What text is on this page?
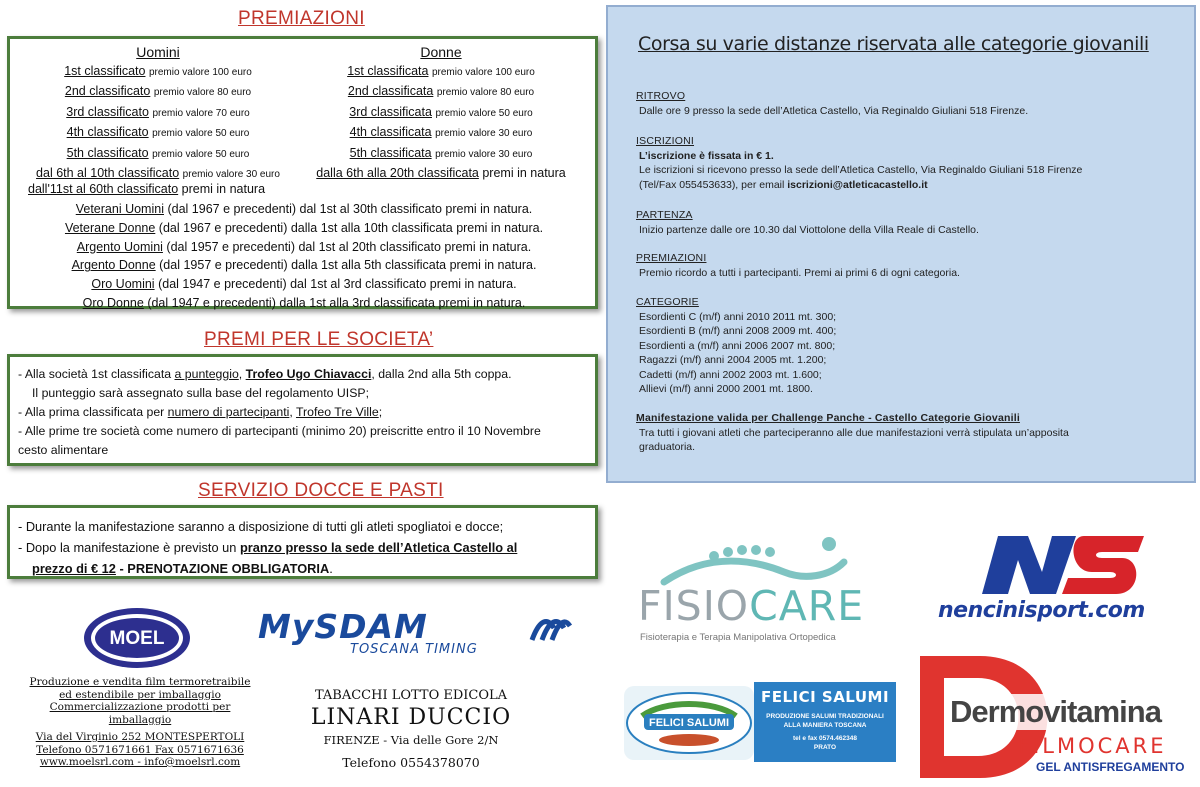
PREMIAZIONI
Uomini
1st classificato premio valore 100 euro
2nd classificato premio valore 80 euro
3rd classificato premio valore 70 euro
4th classificato premio valore 50 euro
5th classificato premio valore 50 euro
dal 6th al 10th classificato premio valore 30 euro
dall'11st al 60th classificato premi in natura
Donne
1st classificata premio valore 100 euro
2nd classificata premio valore 80 euro
3rd classificata premio valore 50 euro
4th classificata premio valore 30 euro
5th classificata premio valore 30 euro
dalla 6th alla 20th classificata premi in natura
Veterani Uomini (dal 1967 e precedenti) dal 1st al 30th classificato premi in natura.
Veterane Donne (dal 1967 e precedenti) dalla 1st alla 10th classificata premi in natura.
Argento Uomini (dal 1957 e precedenti) dal 1st al 20th classificato premi in natura.
Argento Donne (dal 1957 e precedenti) dalla 1st alla 5th classificata premi in natura.
Oro Uomini (dal 1947 e precedenti) dal 1st al 3rd classificato premi in natura.
Oro Donne (dal 1947 e precedenti) dalla 1st alla 3rd classificata premi in natura.
PREMI PER LE SOCIETA’
- Alla società 1st classificata a punteggio, Trofeo Ugo Chiavacci, dalla 2nd alla 5th coppa.
Il punteggio sarà assegnato sulla base del regolamento UISP;
- Alla prima classificata per numero di partecipanti, Trofeo Tre Ville;
- Alle prime tre società come numero di partecipanti (minimo 20) preiscritte entro il 10 Novembre
cesto alimentare
SERVIZIO DOCCE E PASTI
- Durante la manifestazione saranno a disposizione di tutti gli atleti spogliatoi e docce;
- Dopo la manifestazione è previsto un pranzo presso la sede dell’Atletica Castello al
prezzo di € 12 - PRENOTAZIONE OBBLIGATORIA.
Corsa su varie distanze riservata alle categorie giovanili
RITROVO
Dalle ore 9 presso la sede dell’Atletica Castello, Via Reginaldo Giuliani 518 Firenze.
ISCRIZIONI
L’iscrizione è fissata in € 1.
Le iscrizioni si ricevono presso la sede dell’Atletica Castello, Via Reginaldo Giuliani 518 Firenze
(Tel/Fax 055453633), per email iscrizioni@atleticacastello.it
PARTENZA
Inizio partenze dalle ore 10.30 dal Viottolone della Villa Reale di Castello.
PREMIAZIONI
Premio ricordo a tutti i partecipanti. Premi ai primi 6 di ogni categoria.
CATEGORIE
Esordienti C (m/f) anni 2010 2011 mt. 300;
Esordienti B (m/f) anni 2008 2009 mt. 400;
Esordienti a (m/f) anni 2006 2007 mt. 800;
Ragazzi (m/f) anni 2004 2005 mt. 1.200;
Cadetti (m/f) anni 2002 2003 mt. 1.600;
Allievi (m/f) anni 2000 2001 mt. 1800.
Manifestazione valida per Challenge Panche - Castello Categorie Giovanili
Tra tutti i giovani atleti che parteciperanno alle due manifestazioni verrà stipulata un’apposita
graduatoria.
MOEL
Produzione e vendita film termoretraibile
ed estendibile per imballaggio
Commercializzazione prodotti per imballaggio
Via del Virginio 252 MONTESPERTOLI
Telefono 0571671661 Fax 0571671636
www.moelsrl.com - info@moelsrl.com
MySDAM
TOSCANA TIMING
TABACCHI LOTTO EDICOLA
LINARI DUCCIO
FIRENZE - Via delle Gore 2/N
Telefono 0554378070
FISIOCARE
Fisioterapia e Terapia Manipolativa Ortopedica
nencinisport.com
FELICI SALUMI
FELICI SALUMI
PRODUZIONE SALUMI TRADIZIONALI
ALLA MANIERA TOSCANA
tel e fax 0574.462348
PRATO
Dermovitamina
FILMOCARE
GEL ANTISFREGAMENTO
